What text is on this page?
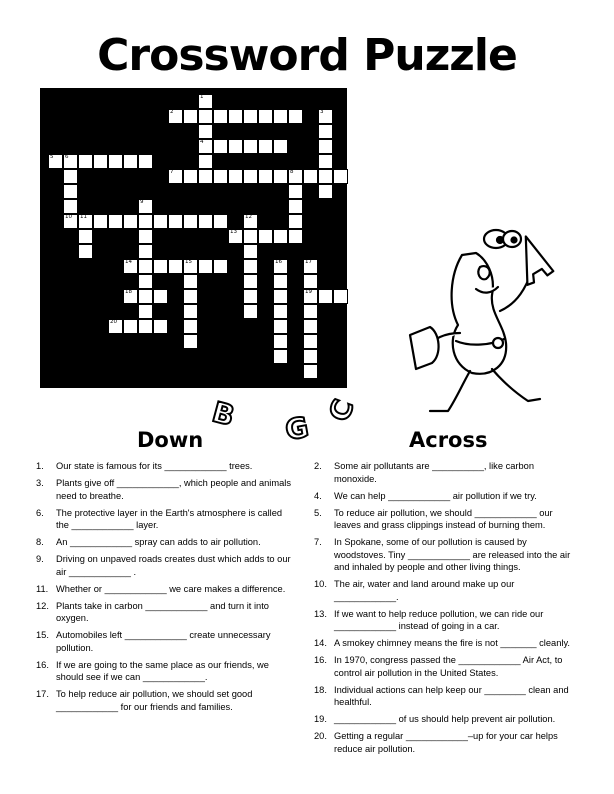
Crossword Puzzle
1
4
2	3
5 6
10
7	8
9
11	12
13
14	15	16	17
19
18
20
B G
C
Down	Across
1.	Our state is famous for its ____________ trees.
3.	Plants give off ____________, which people and animals need to breathe.
6.	The protective layer in the Earth's atmosphere is called the ____________ layer.
8.	An ____________ spray can adds to air pollution.
9.	Driving on unpaved roads creates dust which adds to our air ____________ .
11. Whether or ____________ we care makes a difference.
12. Plants take in carbon ____________ and turn it into oxygen.
15. Automobiles left ____________ create unnecessary pollution.
16. If we are going to the same place as our friends, we should see if we can ____________.
17. To help reduce air pollution, we should set good ____________ for our friends and families.
2.	Some air pollutants are __________, like carbon monoxide.
4.	We can help ____________ air pollution if we try.
5.	To reduce air pollution, we should ____________ our leaves and grass clippings instead of burning them.
7.	In Spokane, some of our pollution is caused by woodstoves. Tiny ____________ are released into the air and inhaled by people and other living things.
10. The air, water and land around make up our ____________.
13. If we want to help reduce pollution, we can ride our ____________ instead of going in a car.
14. A smokey chimney means the fire is not _______ cleanly.
16. In 1970, congress passed the ____________ Air Act, to control air pollution in the United States.
18. Individual actions can help keep our ________ clean and healthful.
19. ____________ of us should help prevent air pollution.
20. Getting a regular ____________–up for your car helps reduce air pollution.
